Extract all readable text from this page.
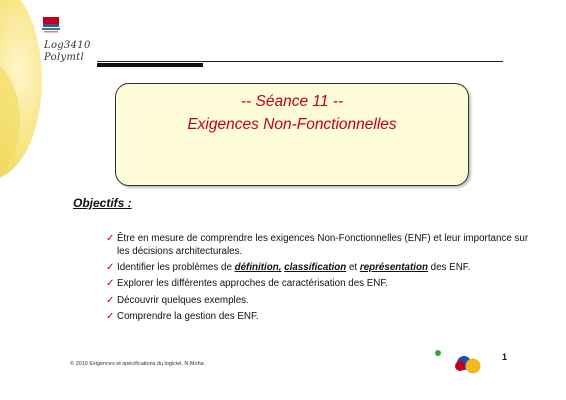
Log3410
Polymtl
-- Séance 11 --
Exigences Non-Fonctionnelles
Objectifs :
✓ Être en mesure de comprendre les exigences Non-Fonctionnelles (ENF) et leur importance sur les décisions architecturales.
✓ Identifier les problèmes de définition, classification et représentation des ENF.
✓ Explorer les différentes approches de caractérisation des ENF.
✓ Découvrir quelques exemples.
✓ Comprendre la gestion des ENF.
© 2010 Exigences et spécifications du logiciel, N.Moha
1
